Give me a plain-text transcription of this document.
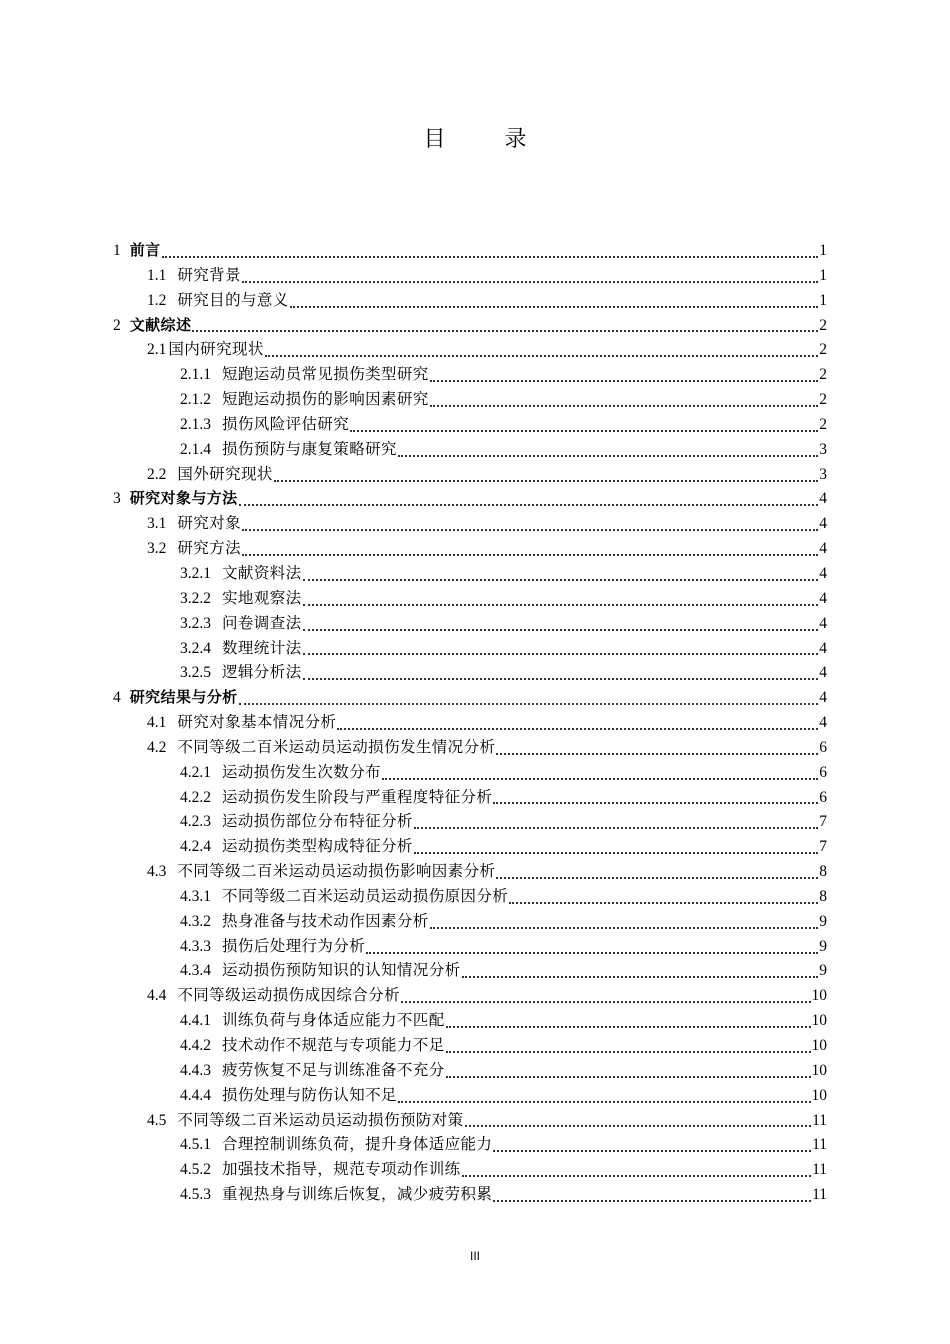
目 录
1 前言	1
1.1 研究背景	1
1.2 研究目的与意义	1
2 文献综述	2
2.1 国内研究现状	2
2.1.1 短跑运动员常见损伤类型研究	2
2.1.2 短跑运动损伤的影响因素研究	2
2.1.3 损伤风险评估研究	2
2.1.4 损伤预防与康复策略研究	3
2.2 国外研究现状	3
3 研究对象与方法	4
3.1 研究对象	4
3.2 研究方法	4
3.2.1 文献资料法	4
3.2.2 实地观察法	4
3.2.3 问卷调查法	4
3.2.4 数理统计法	4
3.2.5 逻辑分析法	4
4 研究结果与分析	4
4.1 研究对象基本情况分析	4
4.2 不同等级二百米运动员运动损伤发生情况分析	6
4.2.1 运动损伤发生次数分布	6
4.2.2 运动损伤发生阶段与严重程度特征分析	6
4.2.3 运动损伤部位分布特征分析	7
4.2.4 运动损伤类型构成特征分析	7
4.3 不同等级二百米运动员运动损伤影响因素分析	8
4.3.1 不同等级二百米运动员运动损伤原因分析	8
4.3.2 热身准备与技术动作因素分析	9
4.3.3 损伤后处理行为分析	9
4.3.4 运动损伤预防知识的认知情况分析	9
4.4 不同等级运动损伤成因综合分析	10
4.4.1 训练负荷与身体适应能力不匹配	10
4.4.2 技术动作不规范与专项能力不足	10
4.4.3 疲劳恢复不足与训练准备不充分	10
4.4.4 损伤处理与防伤认知不足	10
4.5 不同等级二百米运动员运动损伤预防对策	11
4.5.1 合理控制训练负荷，提升身体适应能力	11
4.5.2 加强技术指导，规范专项动作训练	11
4.5.3 重视热身与训练后恢复，减少疲劳积累	11
III
